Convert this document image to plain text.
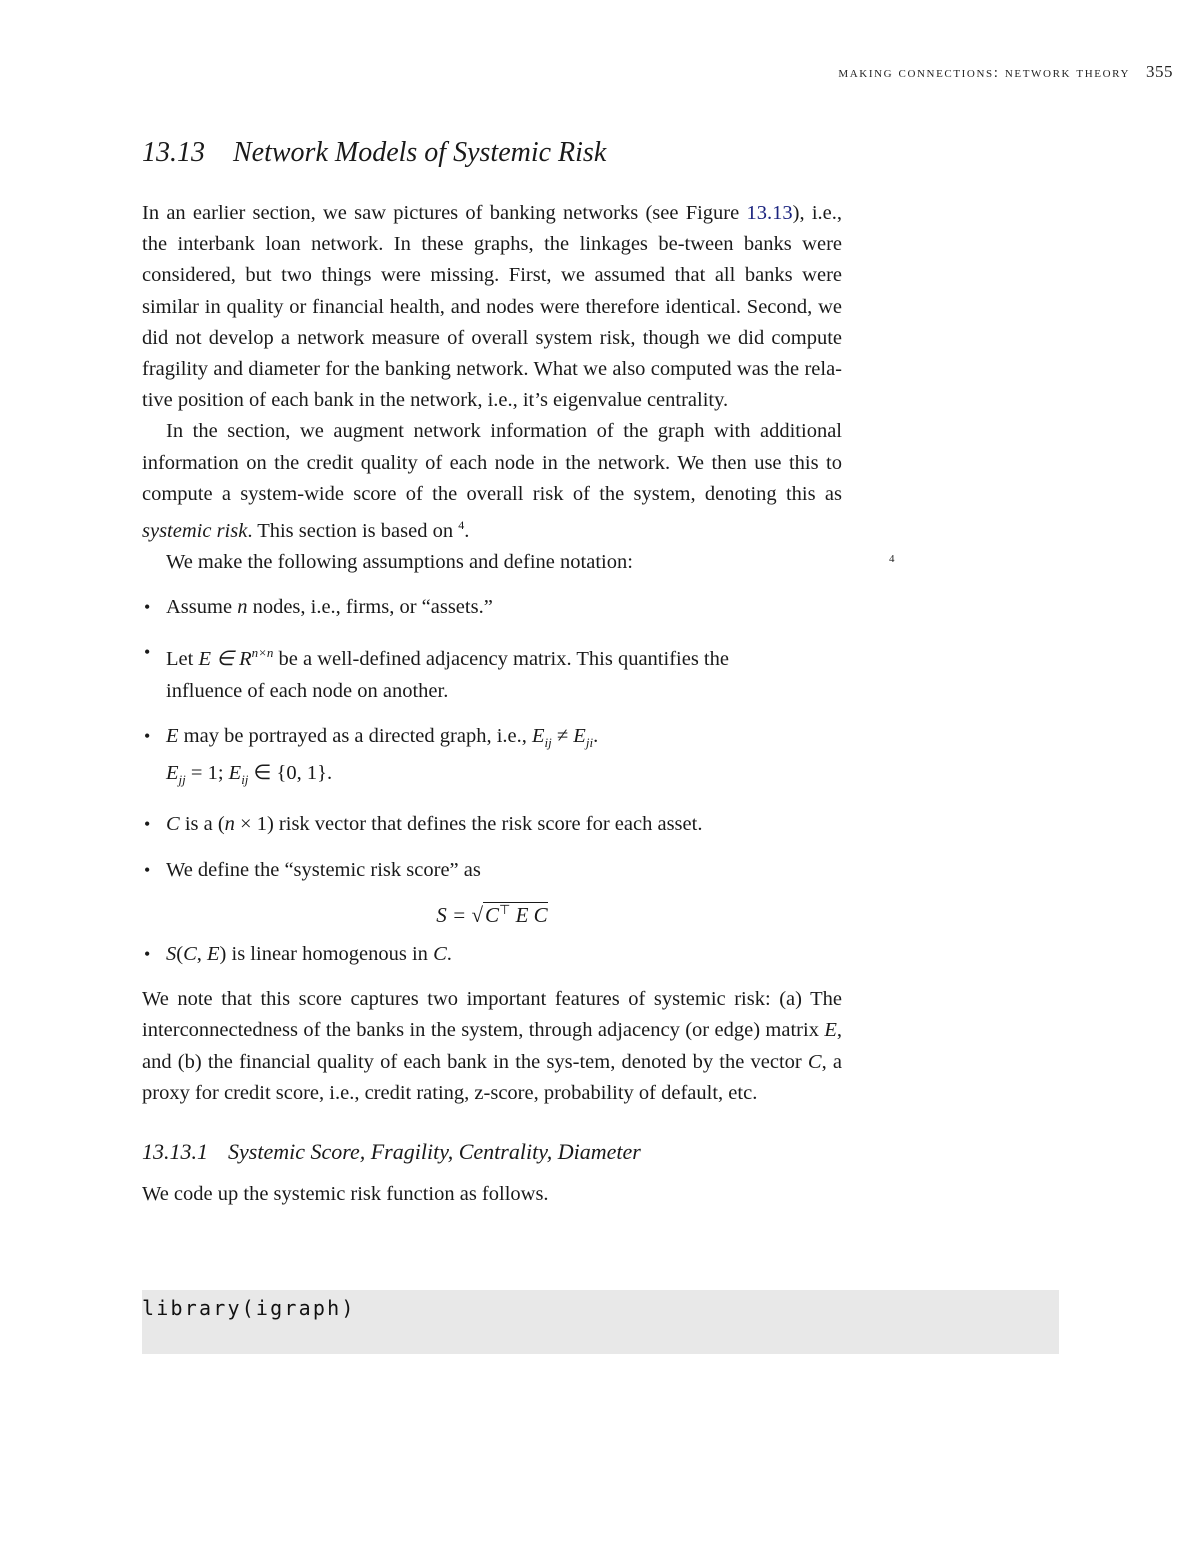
making connections: network theory 355
13.13 Network Models of Systemic Risk

In an earlier section, we saw pictures of banking networks (see Figure 13.13), i.e., the interbank loan network. In these graphs, the linkages be-tween banks were considered, but two things were missing. First, we assumed that all banks were similar in quality or financial health, and nodes were therefore identical. Second, we did not develop a network measure of overall system risk, though we did compute fragility and diameter for the banking network. What we also computed was the rela-tive position of each bank in the network, i.e., it’s eigenvalue centrality.

In the section, we augment network information of the graph with additional information on the credit quality of each node in the network. We then use this to compute a system-wide score of the overall risk of the system, denoting this as systemic risk. This section is based on $^4$.

We make the following assumptions and define notation:

• Assume n nodes, i.e., firms, or “assets.”
• Let E ∈ $R^{n\times n}$ be a well-defined adjacency matrix. This quantifies the
influence of each node on another.
• E may be portrayed as a directed graph, i.e., $E_{ij} \ne E_{ji}$.
$E_{jj} = 1$; $E_{ij}$ ∈ {0, 1}.
• C is a (n × 1) risk vector that defines the risk score for each asset.
• We define the “systemic risk score” as
S = √C⊤ E C
• S(C, E) is linear homogenous in C.

We note that this score captures two important features of systemic risk: (a) The interconnectedness of the banks in the system, through adjacency (or edge) matrix E, and (b) the financial quality of each bank in the sys-tem, denoted by the vector C, a proxy for credit score, i.e., credit rating, z-score, probability of default, etc.

13.13.1 Systemic Score, Fragility, Centrality, Diameter

We code up the systemic risk function as follows.

4
library(igraph)
